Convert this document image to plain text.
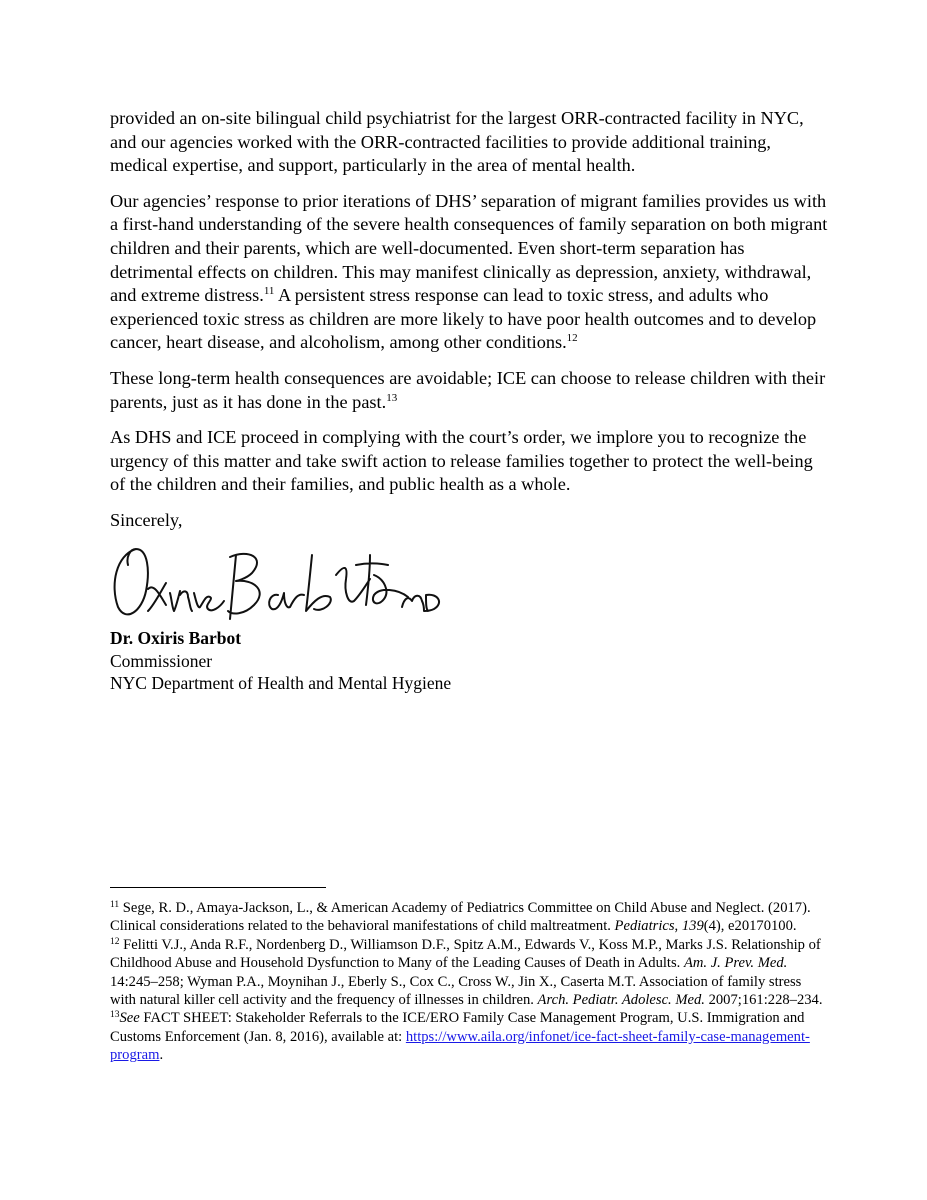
provided an on-site bilingual child psychiatrist for the largest ORR-contracted facility in NYC, and our agencies worked with the ORR-contracted facilities to provide additional training, medical expertise, and support, particularly in the area of mental health.

Our agencies’ response to prior iterations of DHS’ separation of migrant families provides us with a first-hand understanding of the severe health consequences of family separation on both migrant children and their parents, which are well-documented. Even short-term separation has detrimental effects on children. This may manifest clinically as depression, anxiety, withdrawal, and extreme distress.$^{11}$ A persistent stress response can lead to toxic stress, and adults who experienced toxic stress as children are more likely to have poor health outcomes and to develop cancer, heart disease, and alcoholism, among other conditions.$^{12}$

These long-term health consequences are avoidable; ICE can choose to release children with their parents, just as it has done in the past.$^{13}$

As DHS and ICE proceed in complying with the court’s order, we implore you to recognize the urgency of this matter and take swift action to release families together to protect the well-being of the children and their families, and public health as a whole.

Sincerely,

Dr. Oxiris Barbot
Commissioner
NYC Department of Health and Mental Hygiene

$^{11}$ Sege, R. D., Amaya-Jackson, L., & American Academy of Pediatrics Committee on Child Abuse and Neglect. (2017). Clinical considerations related to the behavioral manifestations of child maltreatment. Pediatrics, 139(4), e20170100.

$^{12}$ Felitti V.J., Anda R.F., Nordenberg D., Williamson D.F., Spitz A.M., Edwards V., Koss M.P., Marks J.S. Relationship of Childhood Abuse and Household Dysfunction to Many of the Leading Causes of Death in Adults. Am. J. Prev. Med. 14:245–258; Wyman P.A., Moynihan J., Eberly S., Cox C., Cross W., Jin X., Caserta M.T. Association of family stress with natural killer cell activity and the frequency of illnesses in children. Arch. Pediatr. Adolesc. Med. 2007;161:228–234.

$^{13}$See FACT SHEET: Stakeholder Referrals to the ICE/ERO Family Case Management Program, U.S. Immigration and Customs Enforcement (Jan. 8, 2016), available at: https://www.aila.org/infonet/ice-fact-sheet-family-case-management-program.
